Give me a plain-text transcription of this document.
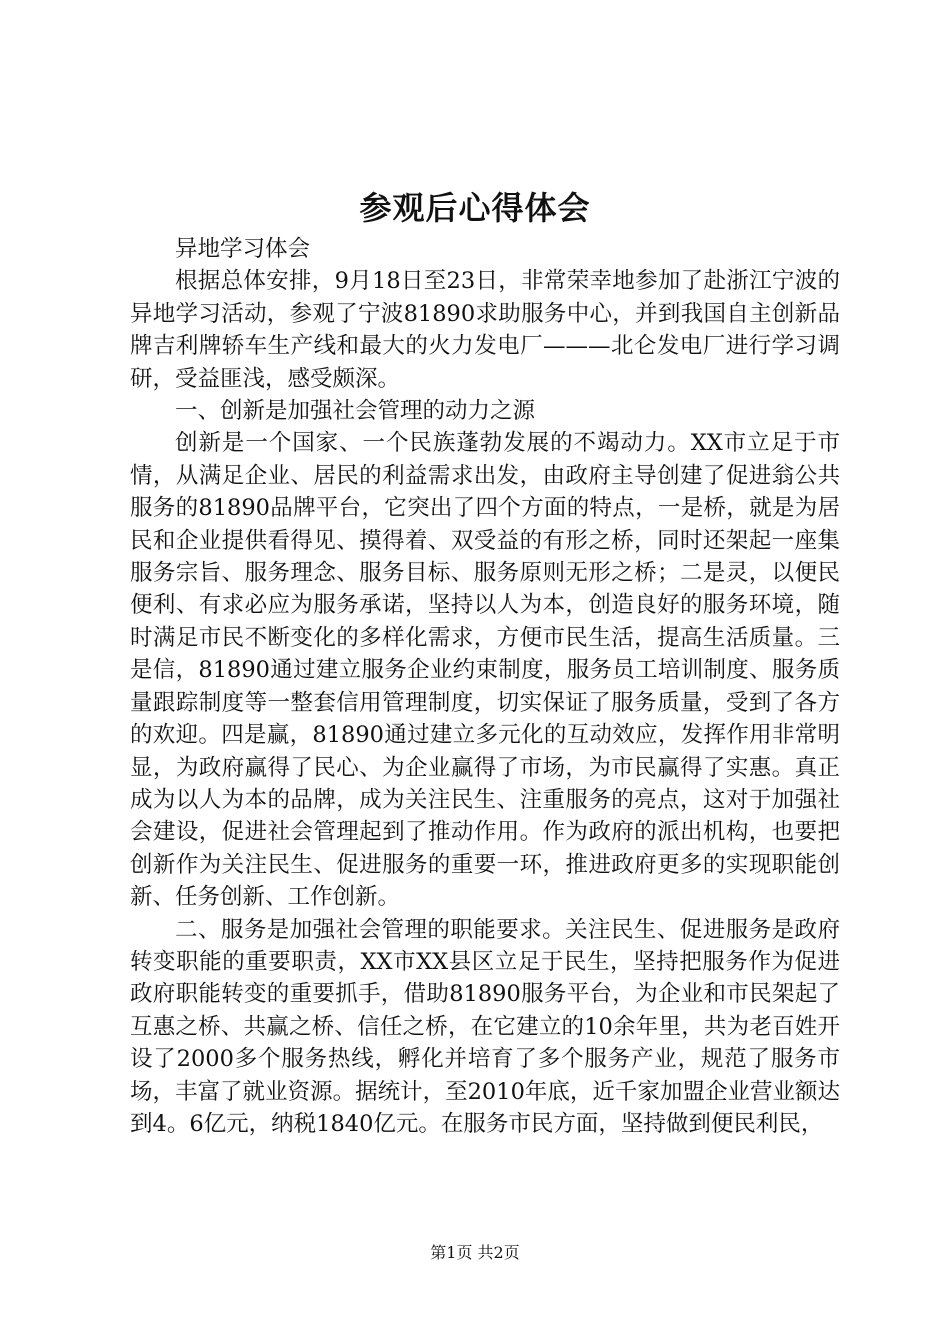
参观后心得体会

异地学习体会

根据总体安排，9月18日至23日，非常荣幸地参加了赴浙江宁波的异地学习活动，参观了宁波81890求助服务中心，并到我国自主创新品牌吉利牌轿车生产线和最大的火力发电厂———北仑发电厂进行学习调研，受益匪浅，感受颇深。

一、创新是加强社会管理的动力之源

创新是一个国家、一个民族蓬勃发展的不竭动力。XX市立足于市情，从满足企业、居民的利益需求出发，由政府主导创建了促进翁公共服务的81890品牌平台，它突出了四个方面的特点，一是桥，就是为居民和企业提供看得见、摸得着、双受益的有形之桥，同时还架起一座集服务宗旨、服务理念、服务目标、服务原则无形之桥；二是灵，以便民便利、有求必应为服务承诺，坚持以人为本，创造良好的服务环境，随时满足市民不断变化的多样化需求，方便市民生活，提高生活质量。三是信，81890通过建立服务企业约束制度，服务员工培训制度、服务质量跟踪制度等一整套信用管理制度，切实保证了服务质量，受到了各方的欢迎。四是赢，81890通过建立多元化的互动效应，发挥作用非常明显，为政府赢得了民心、为企业赢得了市场，为市民赢得了实惠。真正成为以人为本的品牌，成为关注民生、注重服务的亮点，这对于加强社会建设，促进社会管理起到了推动作用。作为政府的派出机构，也要把创新作为关注民生、促进服务的重要一环，推进政府更多的实现职能创新、任务创新、工作创新。

二、服务是加强社会管理的职能要求。关注民生、促进服务是政府转变职能的重要职责，XX市XX县区立足于民生，坚持把服务作为促进政府职能转变的重要抓手，借助81890服务平台，为企业和市民架起了互惠之桥、共赢之桥、信任之桥，在它建立的10余年里，共为老百姓开设了2000多个服务热线，孵化并培育了多个服务产业，规范了服务市场，丰富了就业资源。据统计，至2010年底，近千家加盟企业营业额达到4。6亿元，纳税1840亿元。在服务市民方面，坚持做到便民利民，

第1页 共2页
